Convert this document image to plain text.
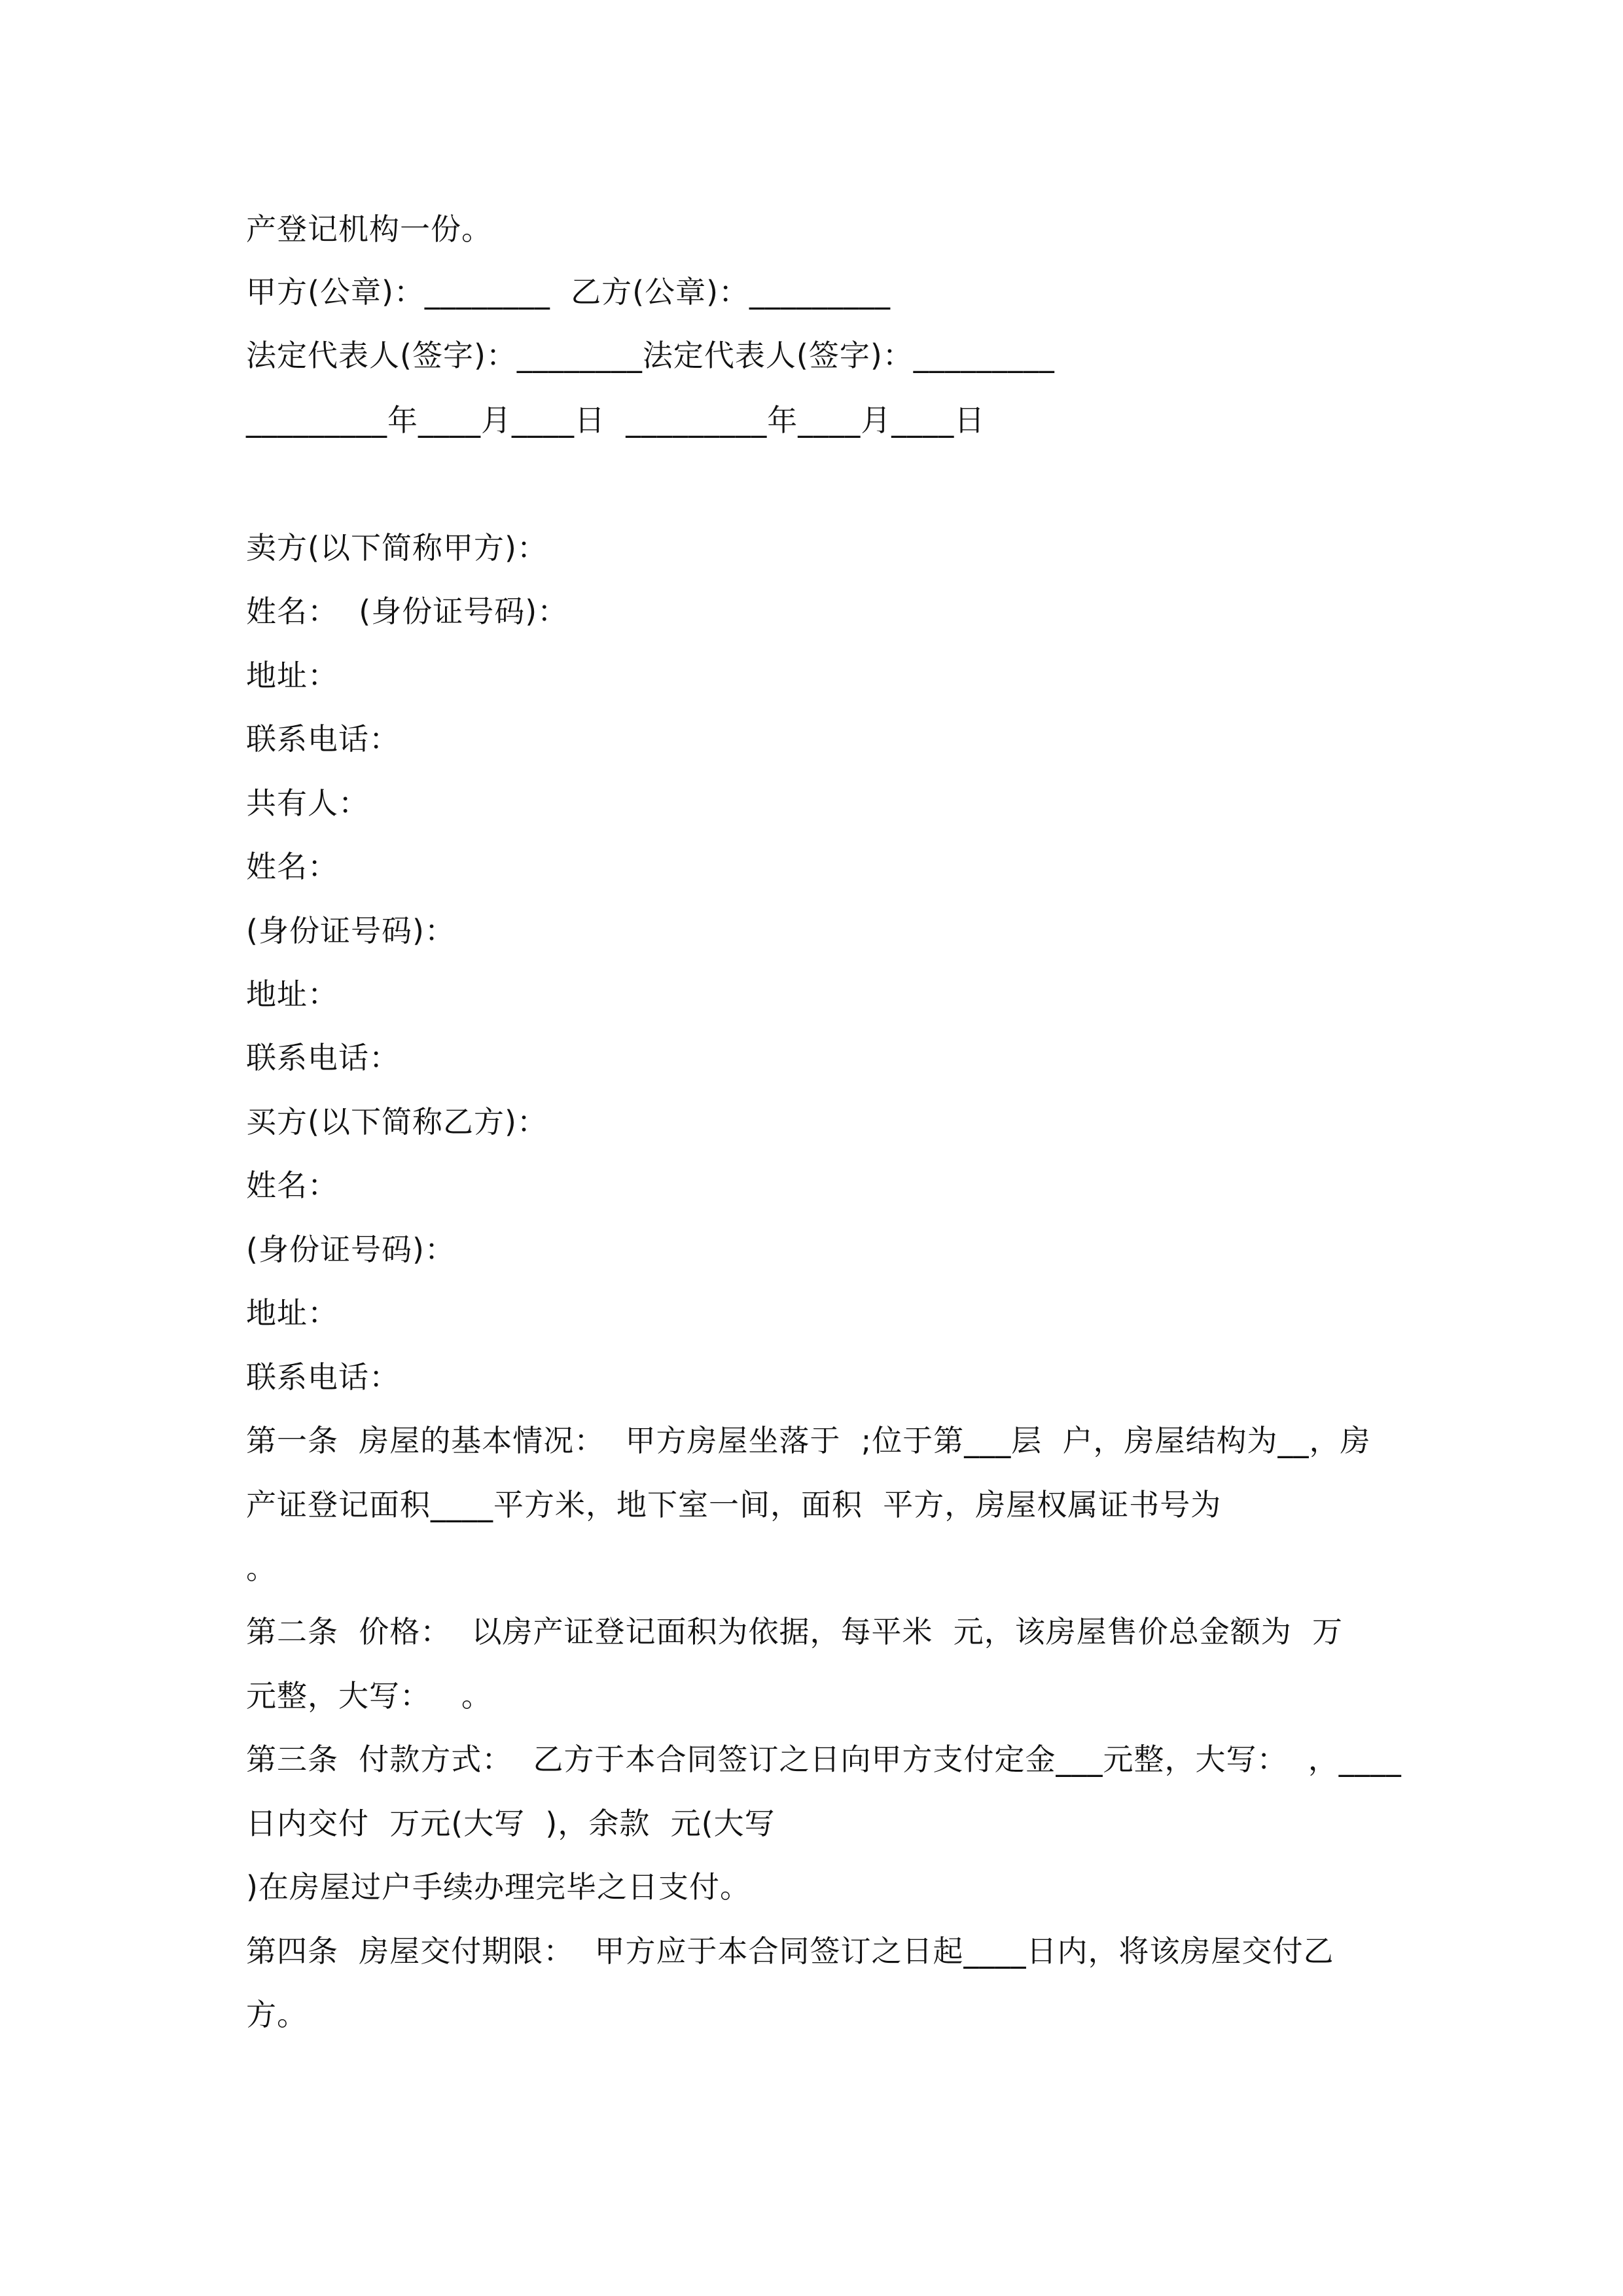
产登记机构一份。
甲方(公章)：________  乙方(公章)：_________
法定代表人(签字)：________法定代表人(签字)：_________
_________年____月____日  _________年____月____日
卖方(以下简称甲方)：
姓名：  (身份证号码)：
地址：
联系电话：
共有人：
姓名：
(身份证号码)：
地址：
联系电话：
买方(以下简称乙方)：
姓名：
(身份证号码)：
地址：
联系电话：
第一条  房屋的基本情况：  甲方房屋坐落于  ;位于第___层  户，房屋结构为__，房
产证登记面积____平方米，地下室一间，面积  平方，房屋权属证书号为
。
第二条  价格：  以房产证登记面积为依据，每平米  元，该房屋售价总金额为  万
元整，大写：   。
第三条  付款方式：  乙方于本合同签订之日向甲方支付定金___元整，大写：  ，____
日内交付  万元(大写  )，余款  元(大写
)在房屋过户手续办理完毕之日支付。
第四条  房屋交付期限：  甲方应于本合同签订之日起____日内，将该房屋交付乙
方。
